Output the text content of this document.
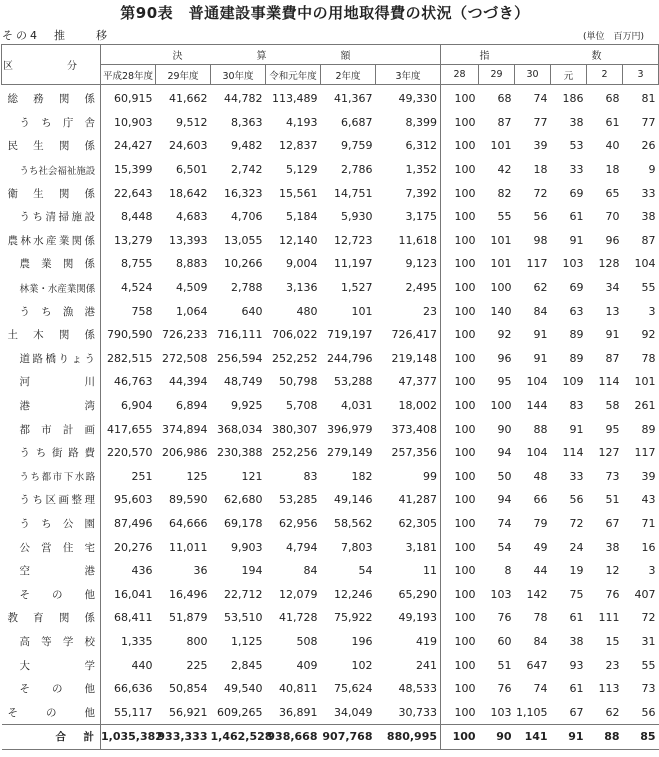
第90表　普通建設事業費中の用地取得費の状況（つづき）
その4　推　　移	(単位　百万円)
区　分	決　　算　　額						指　　　数					
	平成28年度	29年度	30年度	令和元年度	2年度	3年度	28	29	30	元	2	3
総務関係	60,915	41,662	44,782	113,489	41,367	49,330	100	68	74	186	68	81
うち庁舎	10,903	9,512	8,363	4,193	6,687	8,399	100	87	77	38	61	77
民生関係	24,427	24,603	9,482	12,837	9,759	6,312	100	101	39	53	40	26
うち社会福祉施設	15,399	6,501	2,742	5,129	2,786	1,352	100	42	18	33	18	9
衛生関係	22,643	18,642	16,323	15,561	14,751	7,392	100	82	72	69	65	33
うち清掃施設	8,448	4,683	4,706	5,184	5,930	3,175	100	55	56	61	70	38
農林水産業関係	13,279	13,393	13,055	12,140	12,723	11,618	100	101	98	91	96	87
農業関係	8,755	8,883	10,266	9,004	11,197	9,123	100	101	117	103	128	104
林業・水産業関係	4,524	4,509	2,788	3,136	1,527	2,495	100	100	62	69	34	55
うち漁港	758	1,064	640	480	101	23	100	140	84	63	13	3
土木関係	790,590	726,233	716,111	706,022	719,197	726,417	100	92	91	89	91	92
道路橋りょう	282,515	272,508	256,594	252,252	244,796	219,148	100	96	91	89	87	78
河川	46,763	44,394	48,749	50,798	53,288	47,377	100	95	104	109	114	101
港湾	6,904	6,894	9,925	5,708	4,031	18,002	100	100	144	83	58	261
都市計画	417,655	374,894	368,034	380,307	396,979	373,408	100	90	88	91	95	89
うち街路費	220,570	206,986	230,388	252,256	279,149	257,356	100	94	104	114	127	117
うち都市下水路	251	125	121	83	182	99	100	50	48	33	73	39
うち区画整理	95,603	89,590	62,680	53,285	49,146	41,287	100	94	66	56	51	43
うち公園	87,496	64,666	69,178	62,956	58,562	62,305	100	74	79	72	67	71
公営住宅	20,276	11,011	9,903	4,794	7,803	3,181	100	54	49	24	38	16
空港	436	36	194	84	54	11	100	8	44	19	12	3
その他	16,041	16,496	22,712	12,079	12,246	65,290	100	103	142	75	76	407
教育関係	68,411	51,879	53,510	41,728	75,922	49,193	100	76	78	61	111	72
高等学校	1,335	800	1,125	508	196	419	100	60	84	38	15	31
大学	440	225	2,845	409	102	241	100	51	647	93	23	55
その他	66,636	50,854	49,540	40,811	75,624	48,533	100	76	74	61	113	73
その他	55,117	56,921	609,265	36,891	34,049	30,733	100	103	1,105	67	62	56
合計	1,035,382	933,333	1,462,528	938,668	907,768	880,995	100	90	141	91	88	85
